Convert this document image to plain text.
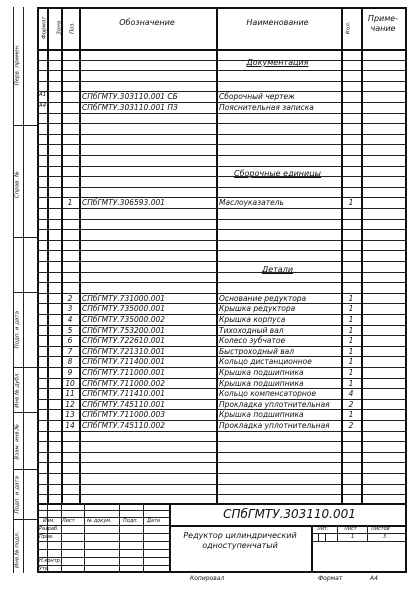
Перв. примен.
Справ. №
Подп. и дата
Инв.№ дубл.
Взам. инв.№
Подп. и дата
Инв.№ подл.
Формат Зона Поз.	Обозначение	Наименование	Кол.
Приме-
чание
Документация
Сборочные единицы
Детали
А1	СПбГМТУ.303110.001 СБ	Сборочный чертеж
А4	СПбГМТУ.303110.001 ПЗ	Пояснительная записка
1	СПбГМТУ.306593.001	Маслоуказатель	1
2	СПбГМТУ.731000.001	Основание редуктора	1
3	СПбГМТУ.735000.001	Крышка редуктора	1
4	СПбГМТУ.735000.002	Крышка корпуса	1
5	СПбГМТУ.753200.001	Тихоходный вал	1
6	СПбГМТУ.722610.001	Колесо зубчатое	1
7	СПбГМТУ.721310.001	Быстроходный вал	1
8	СПбГМТУ.711400.001	Кольцо дистанционное	1
9	СПбГМТУ.711000.001	Крышка подшипника	1
10 СПбГМТУ.711000.002	Крышка подшипника	1
11 СПбГМТУ.711410.001	Кольцо компенсаторное	4
12 СПбГМТУ.745110.001	Прокладка уплотнительная	2
13 СПбГМТУ.711000.003	Крышка подшипника	1
14 СПбГМТУ.745110.002	Прокладка уплотнительная	2
Изм. Лист № докум. Подп. Дата
Разраб.
Пров.
Н.контр.
Утв.
СПбГМТУ.303110.001
Редуктор цилиндрический одноступенчатый
Лит.	Лист	Листов
1	3
Копировал	Формат	А4
